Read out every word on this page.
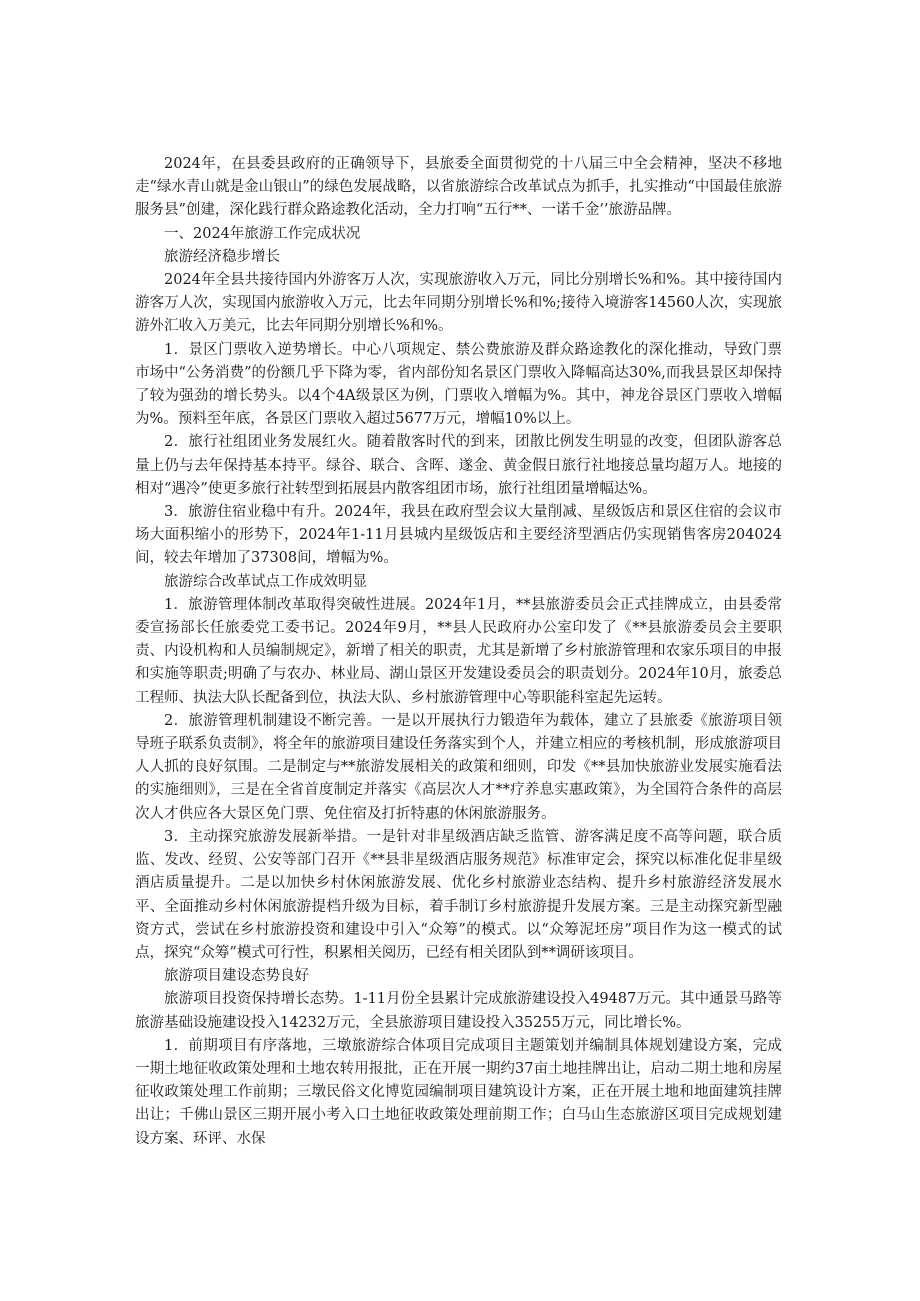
2024年，在县委县政府的正确领导下，县旅委全面贯彻党的十八届三中全会精神，坚决不移地走“绿水青山就是金山银山”的绿色发展战略，以省旅游综合改革试点为抓手，扎实推动“中国最佳旅游服务县”创建，深化践行群众路途教化活动，全力打响“五行**、一诺千金’’旅游品牌。

一、2024年旅游工作完成状况

旅游经济稳步增长

2024年全县共接待国内外游客万人次，实现旅游收入万元，同比分别增长%和%。其中接待国内游客万人次，实现国内旅游收入万元，比去年同期分别增长%和%;接待入境游客14560人次，实现旅游外汇收入万美元，比去年同期分别增长%和%。

1．景区门票收入逆势增长。中心八项规定、禁公费旅游及群众路途教化的深化推动，导致门票市场中“公务消费”的份额几乎下降为零，省内部份知名景区门票收入降幅高达30%,而我县景区却保持了较为强劲的增长势头。以4个4A级景区为例，门票收入增幅为%。其中，神龙谷景区门票收入增幅为%。预料至年底，各景区门票收入超过5677万元，增幅10%以上。

2．旅行社组团业务发展红火。随着散客时代的到来，团散比例发生明显的改变，但团队游客总量上仍与去年保持基本持平。绿谷、联合、含晖、遂金、黄金假日旅行社地接总量均超万人。地接的相对“遇冷”使更多旅行社转型到拓展县内散客组团市场，旅行社组团量增幅达%。

3．旅游住宿业稳中有升。2024年，我县在政府型会议大量削减、星级饭店和景区住宿的会议市场大面积缩小的形势下，2024年1-11月县城内星级饭店和主要经济型酒店仍实现销售客房204024间，较去年增加了37308间，增幅为%。

旅游综合改革试点工作成效明显

1．旅游管理体制改革取得突破性进展。2024年1月，**县旅游委员会正式挂牌成立，由县委常委宣扬部长任旅委党工委书记。2024年9月，**县人民政府办公室印发了《**县旅游委员会主要职责、内设机构和人员编制规定》，新增了相关的职责，尤其是新增了乡村旅游管理和农家乐项目的申报和实施等职责;明确了与农办、林业局、湖山景区开发建设委员会的职责划分。2024年10月，旅委总工程师、执法大队长配备到位，执法大队、乡村旅游管理中心等职能科室起先运转。

2．旅游管理机制建设不断完善。一是以开展执行力锻造年为载体，建立了县旅委《旅游项目领导班子联系负责制》，将全年的旅游项目建设任务落实到个人，并建立相应的考核机制，形成旅游项目人人抓的良好氛围。二是制定与**旅游发展相关的政策和细则，印发《**县加快旅游业发展实施看法的实施细则》，三是在全省首度制定并落实《高层次人才**疗养息实惠政策》，为全国符合条件的高层次人才供应各大景区免门票、免住宿及打折特惠的休闲旅游服务。

3．主动探究旅游发展新举措。一是针对非星级酒店缺乏监管、游客满足度不高等问题，联合质监、发改、经贸、公安等部门召开《**县非星级酒店服务规范》标准审定会，探究以标准化促非星级酒店质量提升。二是以加快乡村休闲旅游发展、优化乡村旅游业态结构、提升乡村旅游经济发展水平、全面推动乡村休闲旅游提档升级为目标，着手制订乡村旅游提升发展方案。三是主动探究新型融资方式，尝试在乡村旅游投资和建设中引入“众筹”的模式。以“众筹泥坯房”项目作为这一模式的试点，探究“众筹”模式可行性，积累相关阅历，已经有相关团队到**调研该项目。

旅游项目建设态势良好

旅游项目投资保持增长态势。1-11月份全县累计完成旅游建设投入49487万元。其中通景马路等旅游基础设施建设投入14232万元，全县旅游项目建设投入35255万元，同比增长%。

1．前期项目有序落地，三墩旅游综合体项目完成项目主题策划并编制具体规划建设方案，完成一期土地征收政策处理和土地农转用报批，正在开展一期约37亩土地挂牌出让，启动二期土地和房屋征收政策处理工作前期；三墩民俗文化博览园编制项目建筑设计方案，正在开展土地和地面建筑挂牌出让；千佛山景区三期开展小考入口土地征收政策处理前期工作；白马山生态旅游区项目完成规划建设方案、环评、水保
